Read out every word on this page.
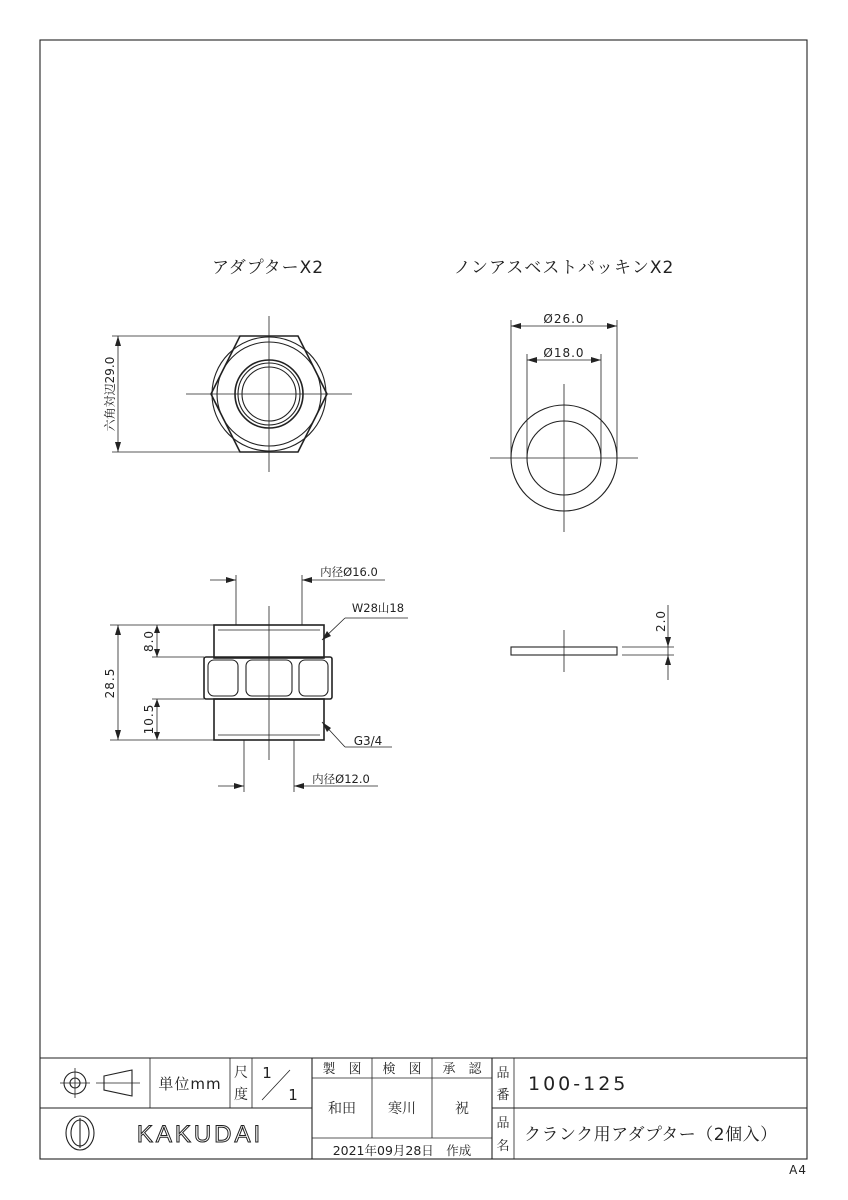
アダプターX2	ノンアスベストパッキンX2
六角対辺29.0
Ø26.0
Ø18.0
内径Ø16.0
W28山18
28.5
8.0
10.5
G3/4
内径Ø12.0
2.0
単位mm
尺
度
1
1
製　図 検　図 承　認
和田 寒川	祝
品
番
100-125
KAKUDAI
2021年09月28日　作成
品
名
クランク用アダプター（2個入）
A4
